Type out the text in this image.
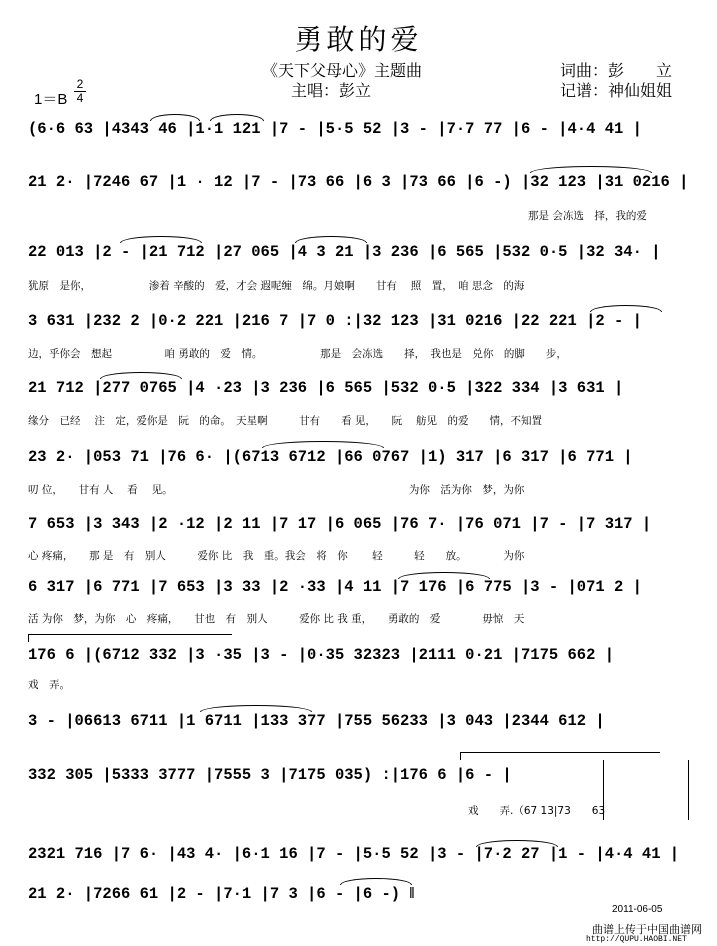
勇敢的爱
《天下父母心》主题曲
主唱：彭立
词曲：彭　　立
记谱：神仙姐姐
1＝B
2
4
(6·6 63 |4343 46 |1·1 121 |7 - |5·5 52 |3 - |7·7 77 |6 - |4·4 41 |
21 2· |7246 67 |1 · 12 |7 - |73 66 |6 3 |73 66 |6 -) |32 123 |31 0216 |
那是 会冻选　择，我的爱
22 013 |2 - |21 712 |27 065 |4 3 21 |3 236 |6 565 |532 0·5 |32 34· |
犹原　是你，　　　　　　渗着 辛酸的　爱，才会 遐呢缠　绵。月娘啊　　甘有　 照　置，　咱 思念　的海
3 631 |232 2 |0·2 221 |216 7 |7 0 :|32 123 |31 0216 |22 221 |2 - |
边，乎你会　想起　　　　　咱 勇敢的　爱　情。　　　　　　那是　会冻选　　择，　我也是　兑你　的脚　　步，
21 712 |277 0765 |4 ·23 |3 236 |6 565 |532 0·5 |322 334 |3 631 |
缘分　已经　 注　定，爱你是　阮　的命。　天星啊　　　甘有　　看 见，　　阮　 舫见　的爱　　情，不知置
23 2· |053 71 |76 6· |(6713 6712 |66 0767 |1) 317 |6 317 |6 771 |
叨 位，　　甘有 人　 看　 见。　　　　　　　　　　　　　　　　　　　　　　　为你　活为你　梦，为你
7 653 |3 343 |2 ·12 |2 11 |7 17 |6 065 |76 7· |76 071 |7 - |7 317 |
心 疼痛，　　那 是　有　别人　　　爱你 比　我　重。我会　将　你　　 轻　　　轻　　放。　　　　为你
6 317 |6 771 |7 653 |3 33 |2 ·33 |4 11 |7 176 |6 775 |3 - |071 2 |
活 为你　梦，为你　心　疼痛，　　甘也　有　别人　　　爱你 比 我 重，　　勇敢的　爱　　　　毋惊　天
176 6 |(6712 332 |3 ·35 |3 - |0·35 32323 |2111 0·21 |7175 662 |
戏　弄。
3 - |06613 6711 |1 6711 |133 377 |755 56233 |3 043 |2344 612 |
332 305 |5333 3777 |7555 3 |7175 035) :|176 6 |6 - |
戏　　弄.（67 13|73　　63
2321 716 |7 6· |43 4· |6·1 16 |7 - |5·5 52 |3 - |7·2 27 |1 - |4·4 41 |
21 2· |7266 61 |2 - |7·1 |7 3 |6 - |6 -) ‖
2011-06-05
曲谱上传于中国曲谱网
http://QUPU.HAOBI.NET
